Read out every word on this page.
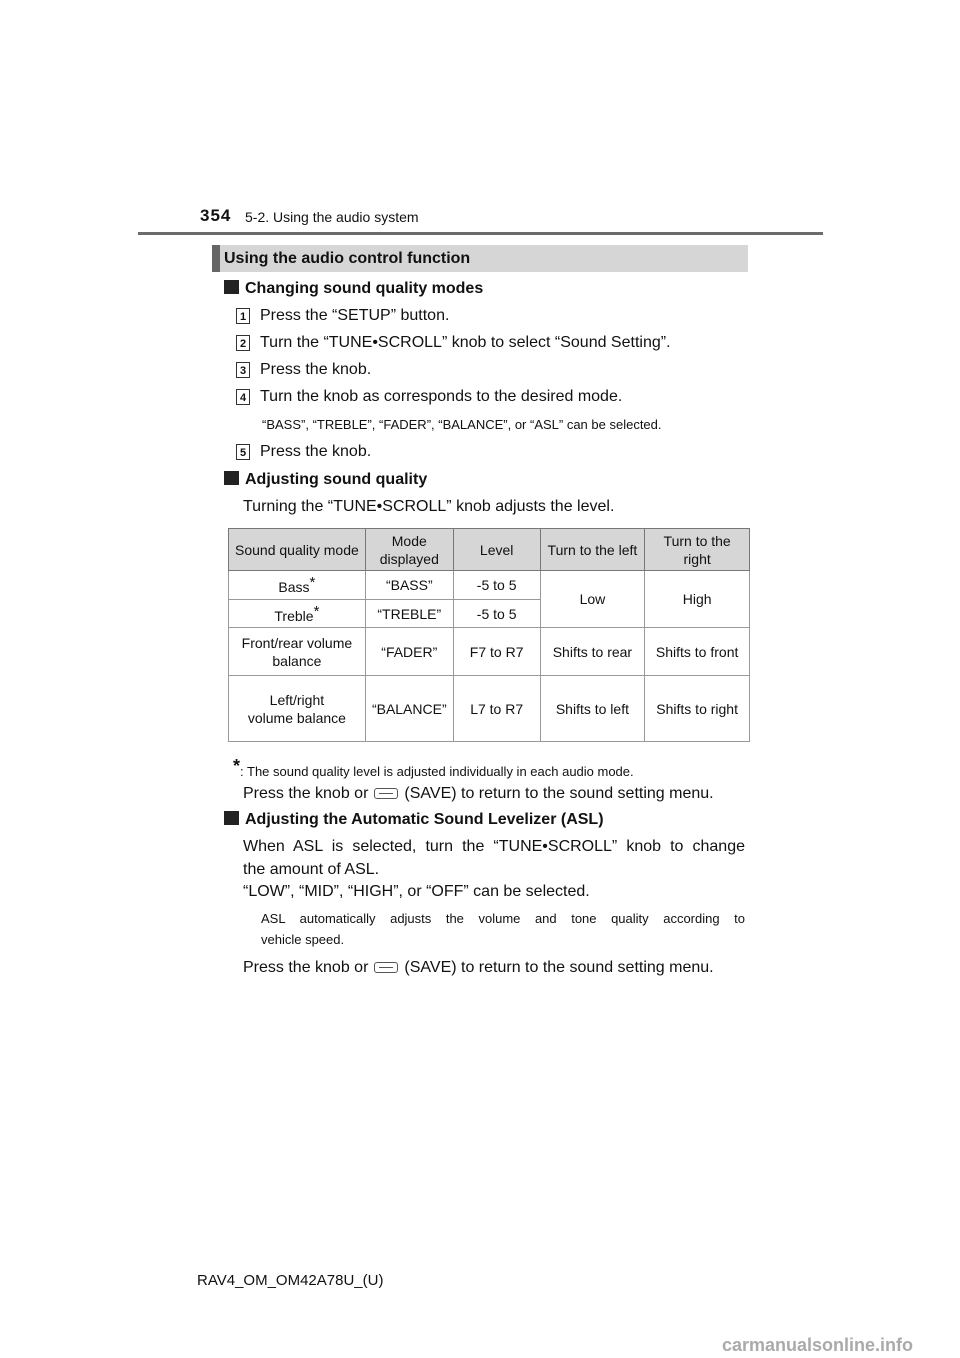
354 5-2. Using the audio system
Using the audio control function
Changing sound quality modes
1 Press the “SETUP” button.
2 Turn the “TUNE•SCROLL” knob to select “Sound Setting”.
3 Press the knob.
4 Turn the knob as corresponds to the desired mode.
“BASS”, “TREBLE”, “FADER”, “BALANCE”, or “ASL” can be selected.
5 Press the knob.
Adjusting sound quality
Turning the “TUNE•SCROLL” knob adjusts the level.
Sound quality mode	Mode displayed	Level	Turn to the left	Turn to the right
Bass*	“BASS”	-5 to 5	Low	High
Treble*	“TREBLE”	-5 to 5		
Front/rear volume balance	“FADER”	F7 to R7	Shifts to rear	Shifts to front
Left/right volume balance	“BALANCE”	L7 to R7	Shifts to left	Shifts to right
*: The sound quality level is adjusted individually in each audio mode.
Press the knob or (SAVE) to return to the sound setting menu.
Adjusting the Automatic Sound Levelizer (ASL)
When ASL is selected, turn the “TUNE•SCROLL” knob to change
the amount of ASL.
“LOW”, “MID”, “HIGH”, or “OFF” can be selected.
ASL automatically adjusts the volume and tone quality according to
vehicle speed.
Press the knob or (SAVE) to return to the sound setting menu.
RAV4_OM_OM42A78U_(U)
carmanualsonline.info
